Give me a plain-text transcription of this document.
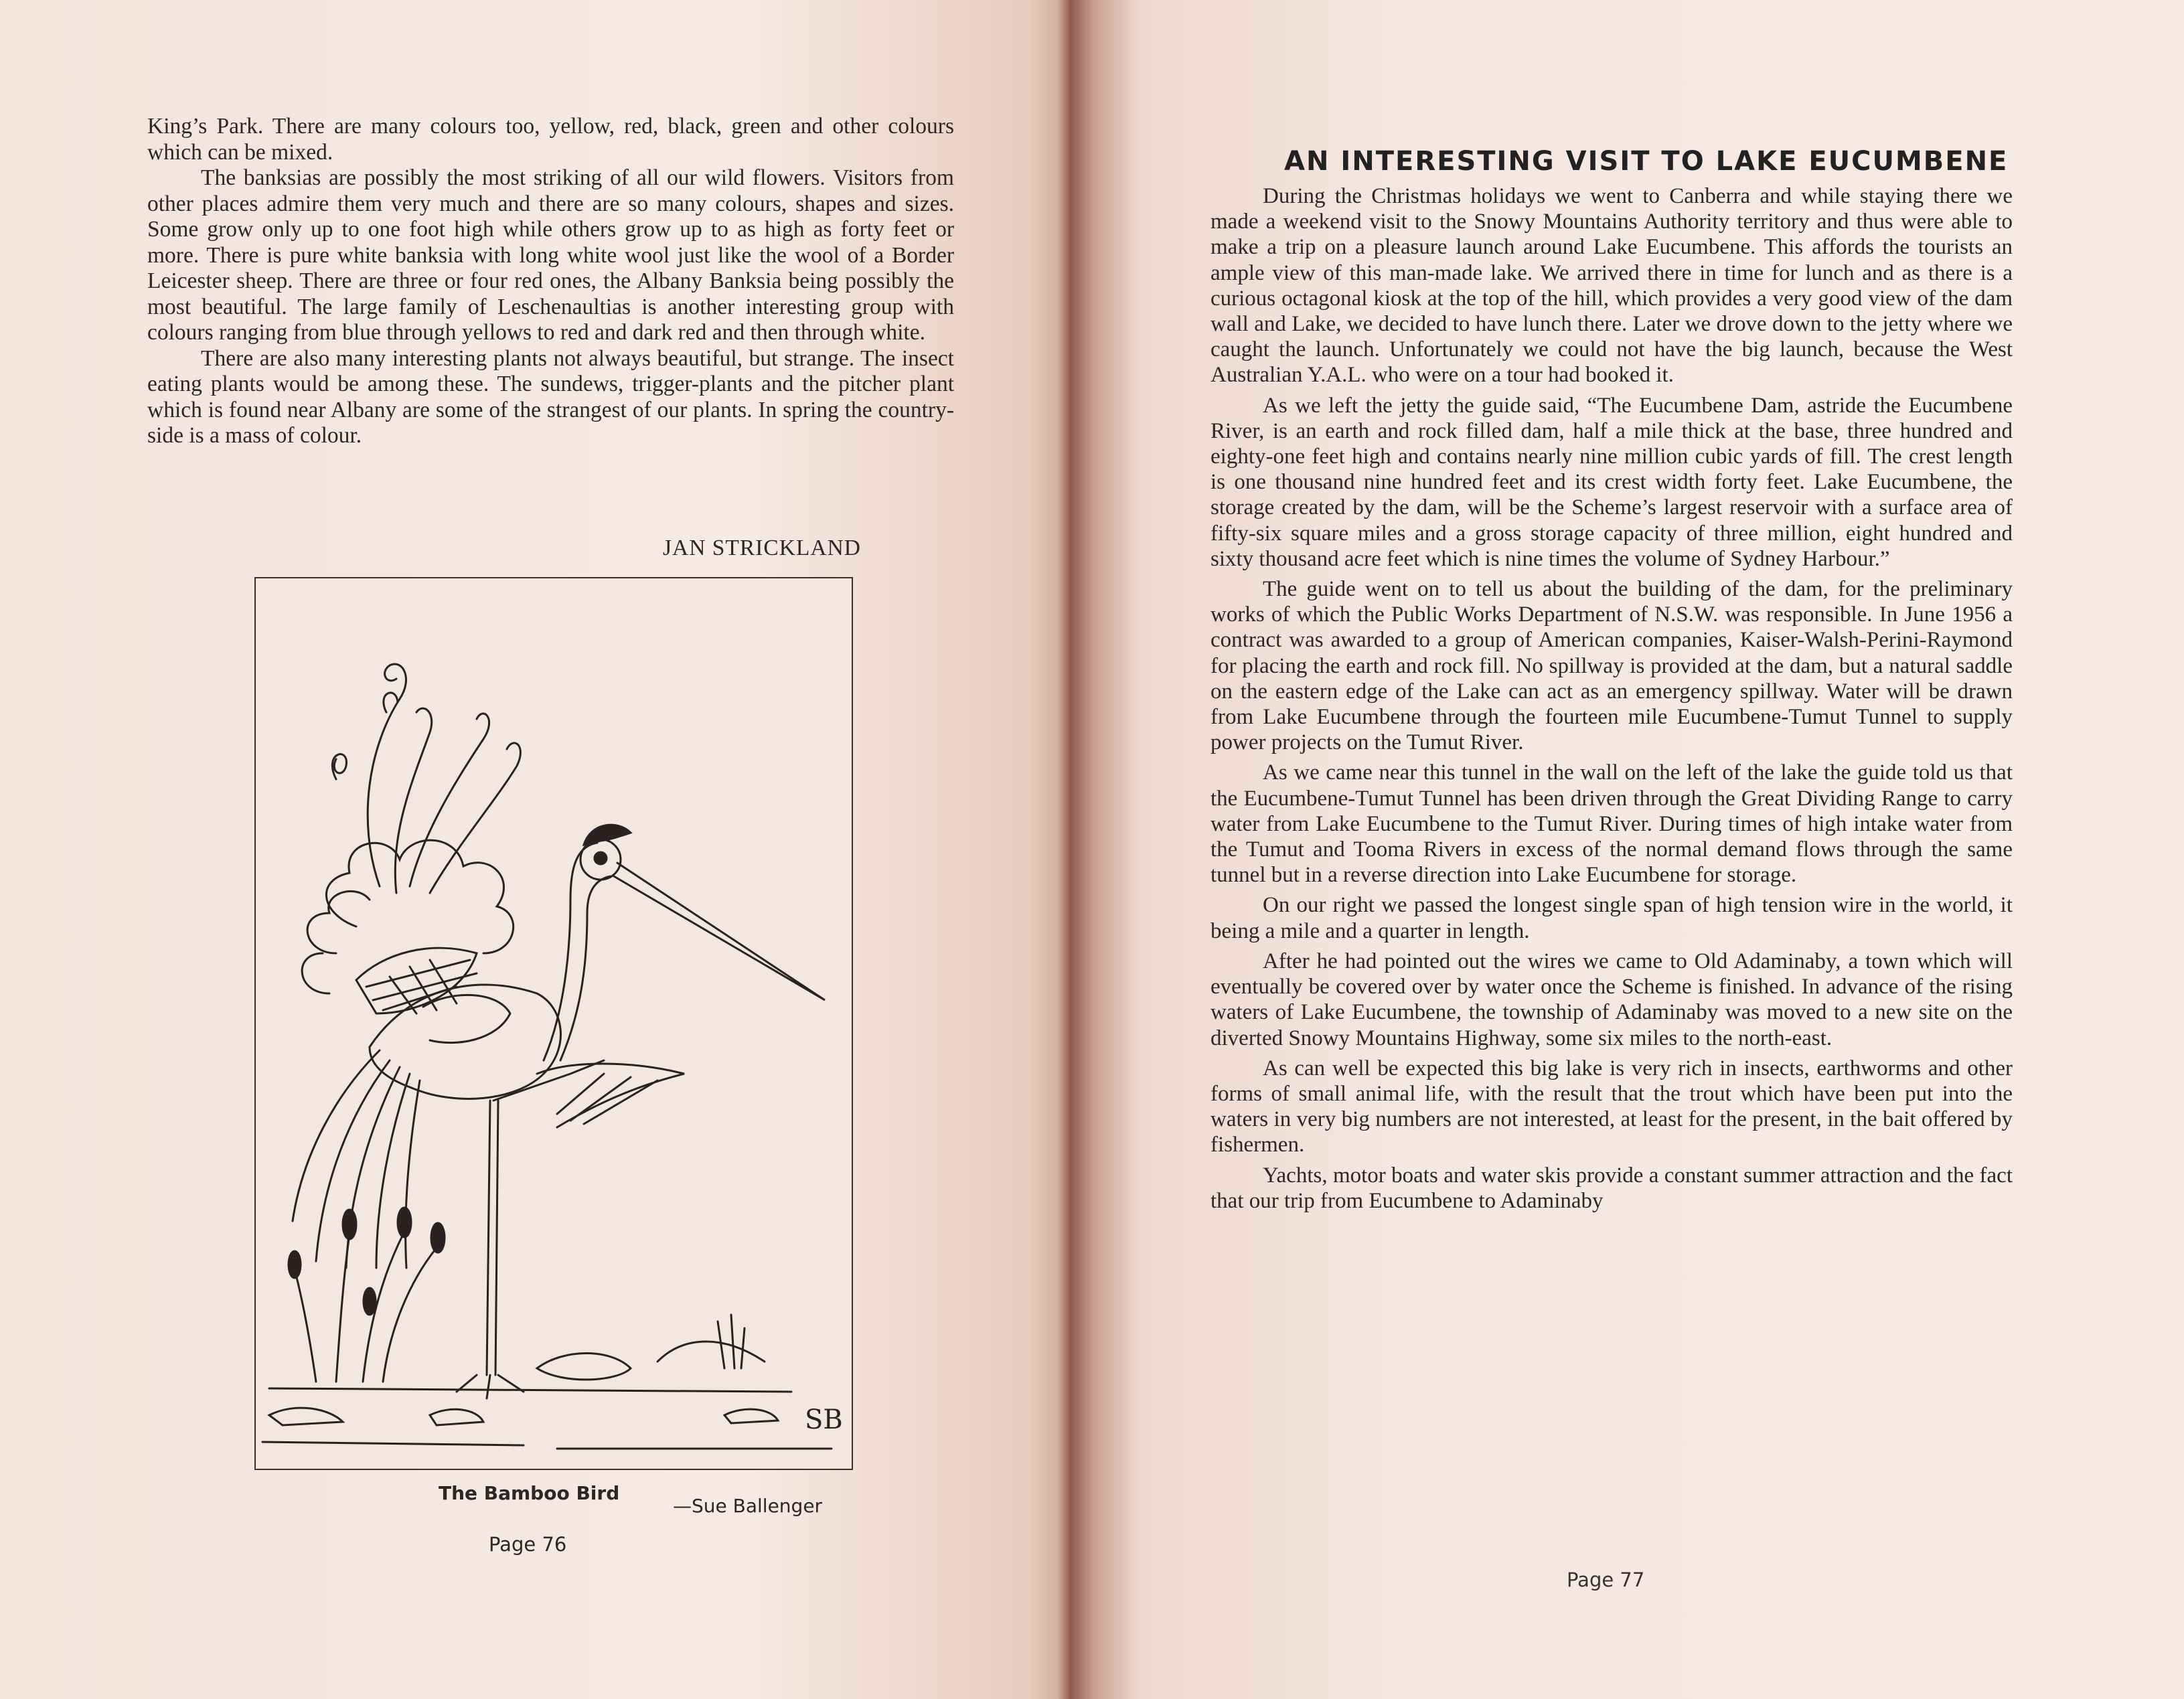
King’s Park. There are many colours too, yellow, red, black, green and other colours which can be mixed.

The banksias are possibly the most striking of all our wild flowers. Visitors from other places admire them very much and there are so many colours, shapes and sizes. Some grow only up to one foot high while others grow up to as high as forty feet or more. There is pure white banksia with long white wool just like the wool of a Border Leicester sheep. There are three or four red ones, the Albany Banksia being possibly the most beautiful. The large family of Leschenaultias is another interesting group with colours ranging from blue through yellows to red and dark red and then through white.

There are also many interesting plants not always beautiful, but strange. The insect eating plants would be among these. The sundews, trigger-plants and the pitcher plant which is found near Albany are some of the strangest of our plants. In spring the country-side is a mass of colour.

JAN STRICKLAND
SB
The Bamboo Bird
—Sue Ballenger
Page 76
AN INTERESTING VISIT TO LAKE EUCUMBENE

During the Christmas holidays we went to Canberra and while staying there we made a weekend visit to the Snowy Mountains Authority territory and thus were able to make a trip on a pleasure launch around Lake Eucumbene. This affords the tourists an ample view of this man-made lake. We arrived there in time for lunch and as there is a curious octagonal kiosk at the top of the hill, which provides a very good view of the dam wall and Lake, we decided to have lunch there. Later we drove down to the jetty where we caught the launch. Unfortunately we could not have the big launch, because the West Australian Y.A.L. who were on a tour had booked it.

As we left the jetty the guide said, “The Eucumbene Dam, astride the Eucumbene River, is an earth and rock filled dam, half a mile thick at the base, three hundred and eighty-one feet high and contains nearly nine million cubic yards of fill. The crest length is one thousand nine hundred feet and its crest width forty feet. Lake Eucumbene, the storage created by the dam, will be the Scheme’s largest reservoir with a surface area of fifty-six square miles and a gross storage capacity of three million, eight hundred and sixty thousand acre feet which is nine times the volume of Sydney Harbour.”

The guide went on to tell us about the building of the dam, for the preliminary works of which the Public Works Department of N.S.W. was responsible. In June 1956 a contract was awarded to a group of American companies, Kaiser-Walsh-Perini-Raymond for placing the earth and rock fill. No spillway is provided at the dam, but a natural saddle on the eastern edge of the Lake can act as an emergency spillway. Water will be drawn from Lake Eucumbene through the fourteen mile Eucumbene-Tumut Tunnel to supply power projects on the Tumut River.

As we came near this tunnel in the wall on the left of the lake the guide told us that the Eucumbene-Tumut Tunnel has been driven through the Great Dividing Range to carry water from Lake Eucumbene to the Tumut River. During times of high intake water from the Tumut and Tooma Rivers in excess of the normal demand flows through the same tunnel but in a reverse direction into Lake Eucumbene for storage.

On our right we passed the longest single span of high tension wire in the world, it being a mile and a quarter in length.

After he had pointed out the wires we came to Old Adaminaby, a town which will eventually be covered over by water once the Scheme is finished. In advance of the rising waters of Lake Eucumbene, the township of Adaminaby was moved to a new site on the diverted Snowy Mountains Highway, some six miles to the north-east.

As can well be expected this big lake is very rich in insects, earthworms and other forms of small animal life, with the result that the trout which have been put into the waters in very big numbers are not interested, at least for the present, in the bait offered by fishermen.

Yachts, motor boats and water skis provide a constant summer attraction and the fact that our trip from Eucumbene to Adaminaby

Page 77
